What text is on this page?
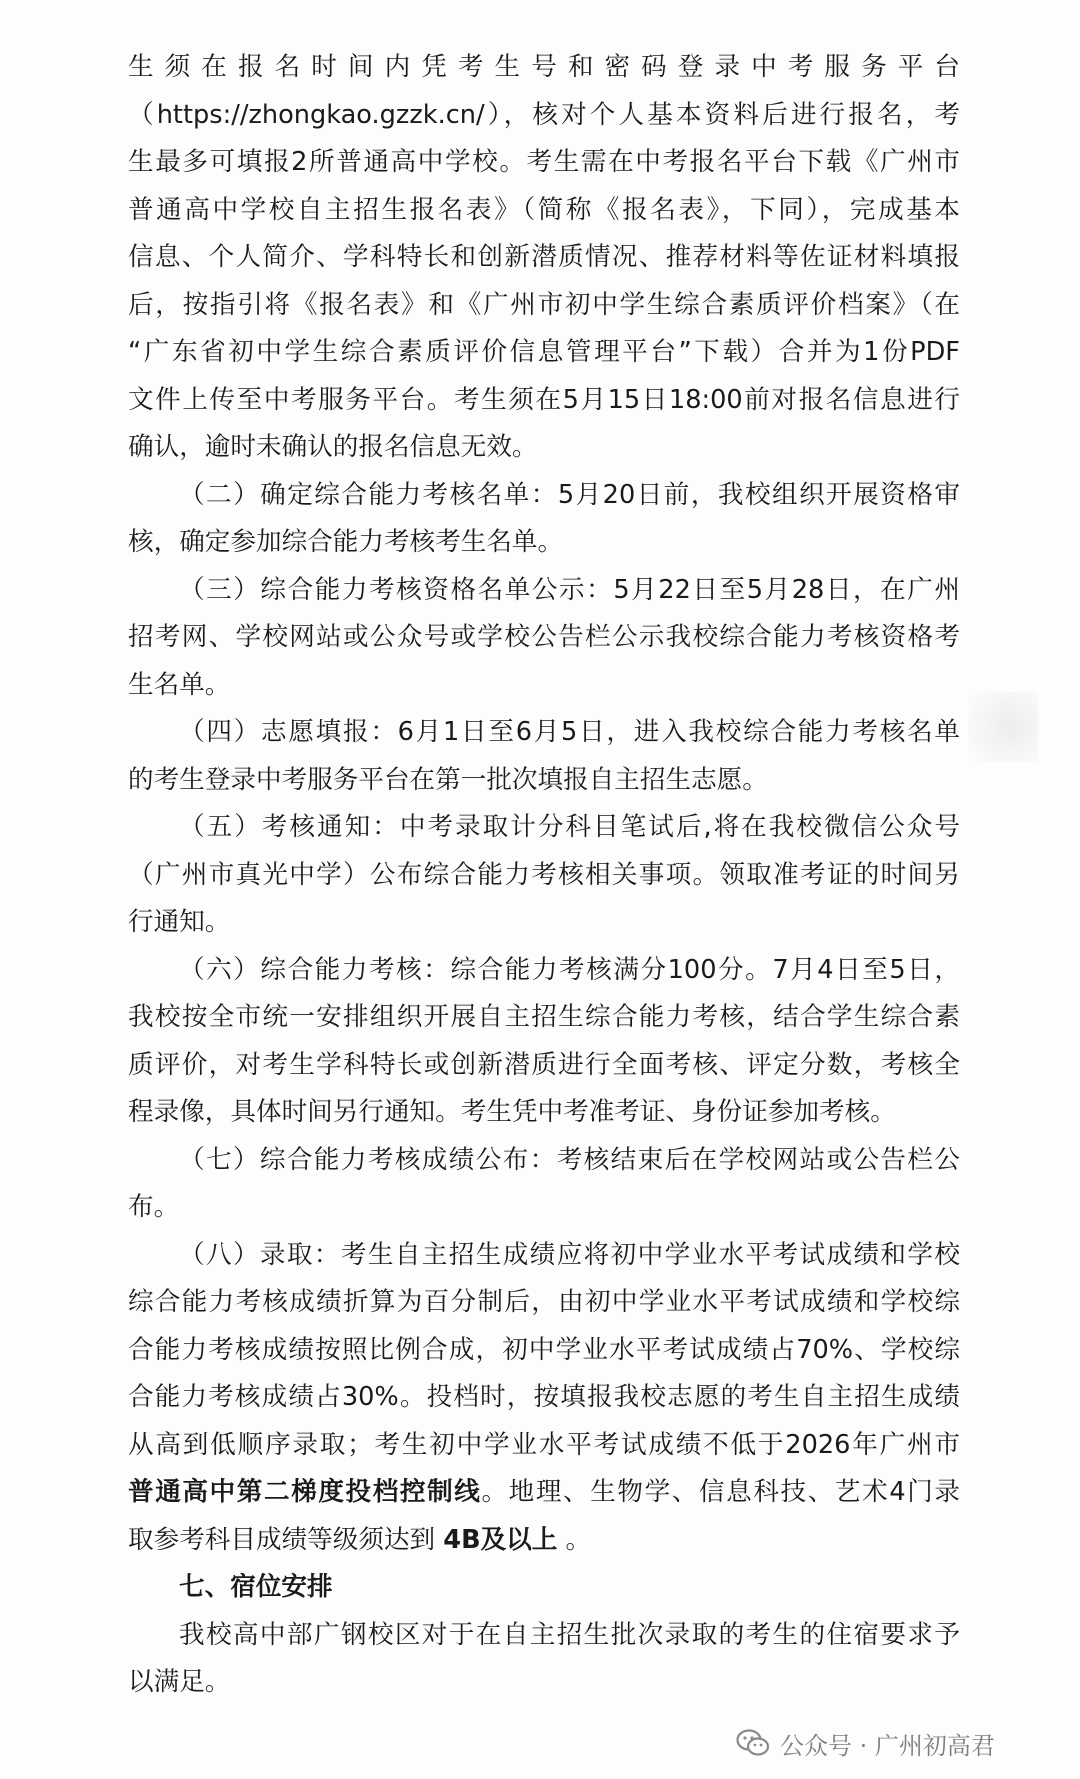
生须在报名时间内凭考生号和密码登录中考服务平台
（https://zhongkao.gzzk.cn/），核对个人基本资料后进行报名，考
生最多可填报2所普通高中学校。考生需在中考报名平台下载《广州市
普通高中学校自主招生报名表》（简称《报名表》，下同），完成基本
信息、个人简介、学科特长和创新潜质情况、推荐材料等佐证材料填报
后，按指引将《报名表》和《广州市初中学生综合素质评价档案》（在
“广东省初中学生综合素质评价信息管理平台”下载）合并为1份PDF
文件上传至中考服务平台。考生须在5月15日18:00前对报名信息进行
确认，逾时未确认的报名信息无效。
（二）确定综合能力考核名单：5月20日前，我校组织开展资格审
核，确定参加综合能力考核考生名单。
（三）综合能力考核资格名单公示：5月22日至5月28日，在广州
招考网、学校网站或公众号或学校公告栏公示我校综合能力考核资格考
生名单。
（四）志愿填报：6月1日至6月5日，进入我校综合能力考核名单
的考生登录中考服务平台在第一批次填报自主招生志愿。
（五）考核通知：中考录取计分科目笔试后,将在我校微信公众号
（广州市真光中学）公布综合能力考核相关事项。领取准考证的时间另
行通知。
（六）综合能力考核：综合能力考核满分100分。7月4日至5日，
我校按全市统一安排组织开展自主招生综合能力考核，结合学生综合素
质评价，对考生学科特长或创新潜质进行全面考核、评定分数，考核全
程录像，具体时间另行通知。考生凭中考准考证、身份证参加考核。
（七）综合能力考核成绩公布：考核结束后在学校网站或公告栏公
布。
（八）录取：考生自主招生成绩应将初中学业水平考试成绩和学校
综合能力考核成绩折算为百分制后，由初中学业水平考试成绩和学校综
合能力考核成绩按照比例合成，初中学业水平考试成绩占70%、学校综
合能力考核成绩占30%。投档时，按填报我校志愿的考生自主招生成绩
从高到低顺序录取；考生初中学业水平考试成绩不低于2026年广州市
普通高中第二梯度投档控制线。地理、生物学、信息科技、艺术4门录
取参考科目成绩等级须达到 4B及以上 。
七、宿位安排
我校高中部广钢校区对于在自主招生批次录取的考生的住宿要求予
以满足。
公众号 · 广州初高君
